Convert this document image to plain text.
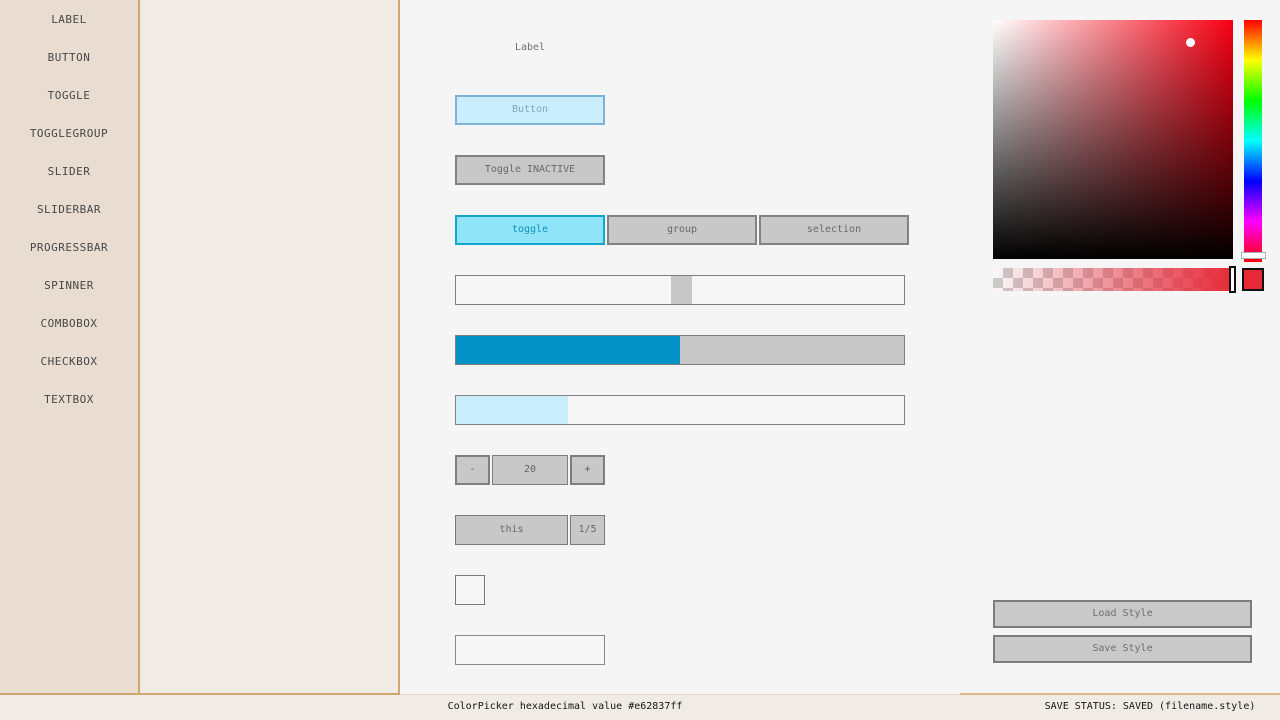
LABEL
BUTTON
TOGGLE
TOGGLEGROUP
SLIDER
SLIDERBAR
PROGRESSBAR
SPINNER
COMBOBOX
CHECKBOX
TEXTBOX
Label
Button
Toggle INACTIVE
toggle	group	selection
-	20	+
this	1/5
Load Style
Save Style
ColorPicker hexadecimal value #e62837ff	SAVE STATUS: SAVED (filename.style)
